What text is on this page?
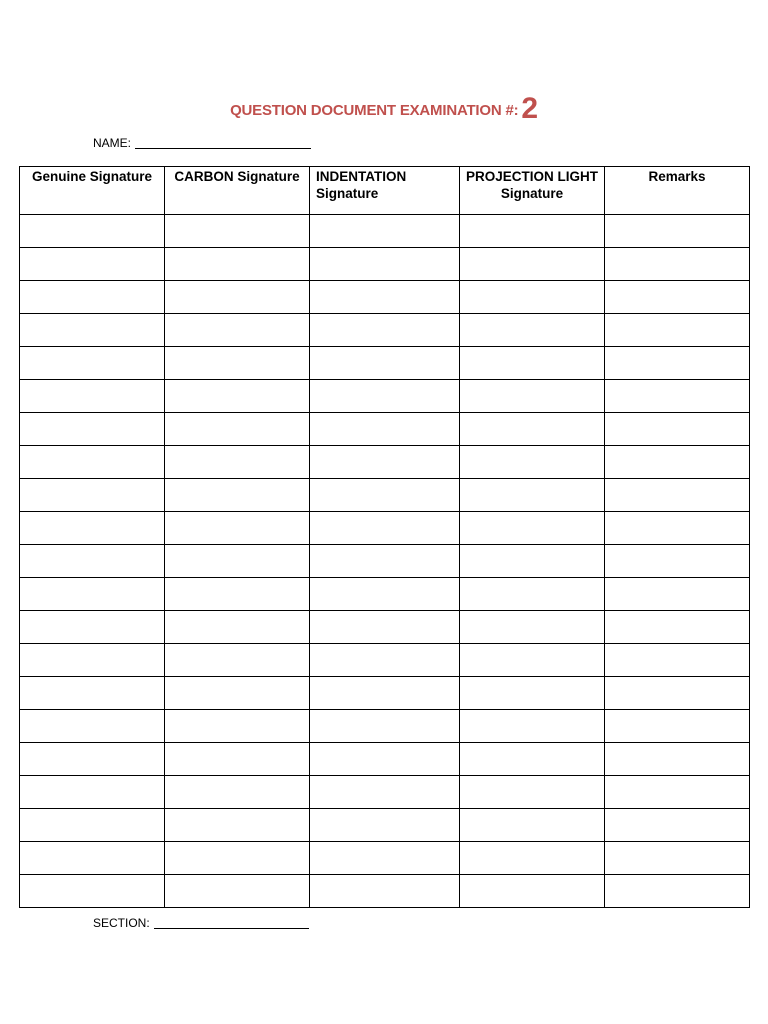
QUESTION DOCUMENT EXAMINATION #: 2
NAME:
Genuine Signature	CARBON Signature	INDENTATION Signature	PROJECTION LIGHT Signature	Remarks

SECTION:
